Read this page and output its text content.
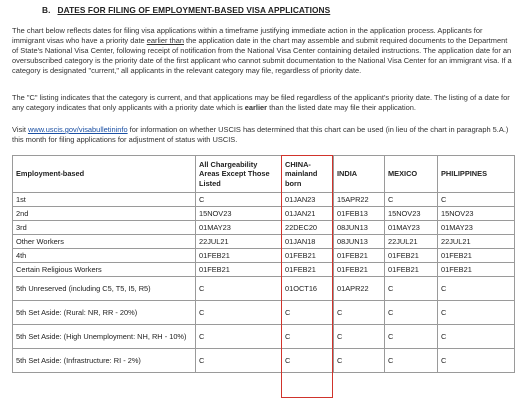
B. DATES FOR FILING OF EMPLOYMENT-BASED VISA APPLICATIONS
The chart below reflects dates for filing visa applications within a timeframe justifying immediate action in the application process. Applicants for immigrant visas who have a priority date earlier than the application date in the chart may assemble and submit required documents to the Department of State's National Visa Center, following receipt of notification from the National Visa Center containing detailed instructions. The application date for an oversubscribed category is the priority date of the first applicant who cannot submit documentation to the National Visa Center for an immigrant visa. If a category is designated "current," all applicants in the relevant category may file, regardless of priority date.
The "C" listing indicates that the category is current, and that applications may be filed regardless of the applicant's priority date. The listing of a date for any category indicates that only applicants with a priority date which is earlier than the listed date may file their application.
Visit www.uscis.gov/visabulletininfo for information on whether USCIS has determined that this chart can be used (in lieu of the chart in paragraph 5.A.) this month for filing applications for adjustment of status with USCIS.
Employment-based	All Chargeability Areas Except Those Listed	CHINA-mainland born	INDIA	MEXICO	PHILIPPINES
1st	C	01JAN23	15APR22	C	C
2nd	15NOV23	01JAN21	01FEB13	15NOV23	15NOV23
3rd	01MAY23	22DEC20	08JUN13	01MAY23	01MAY23
Other Workers	22JUL21	01JAN18	08JUN13	22JUL21	22JUL21
4th	01FEB21	01FEB21	01FEB21	01FEB21	01FEB21
Certain Religious Workers	01FEB21	01FEB21	01FEB21	01FEB21	01FEB21
5th Unreserved (including C5, T5, I5, R5)	C	01OCT16	01APR22	C	C
5th Set Aside: (Rural: NR, RR - 20%)	C	C	C	C	C
5th Set Aside: (High Unemployment: NH, RH - 10%)	C	C	C	C	C
5th Set Aside: (Infrastructure: RI - 2%)	C	C	C	C	C
